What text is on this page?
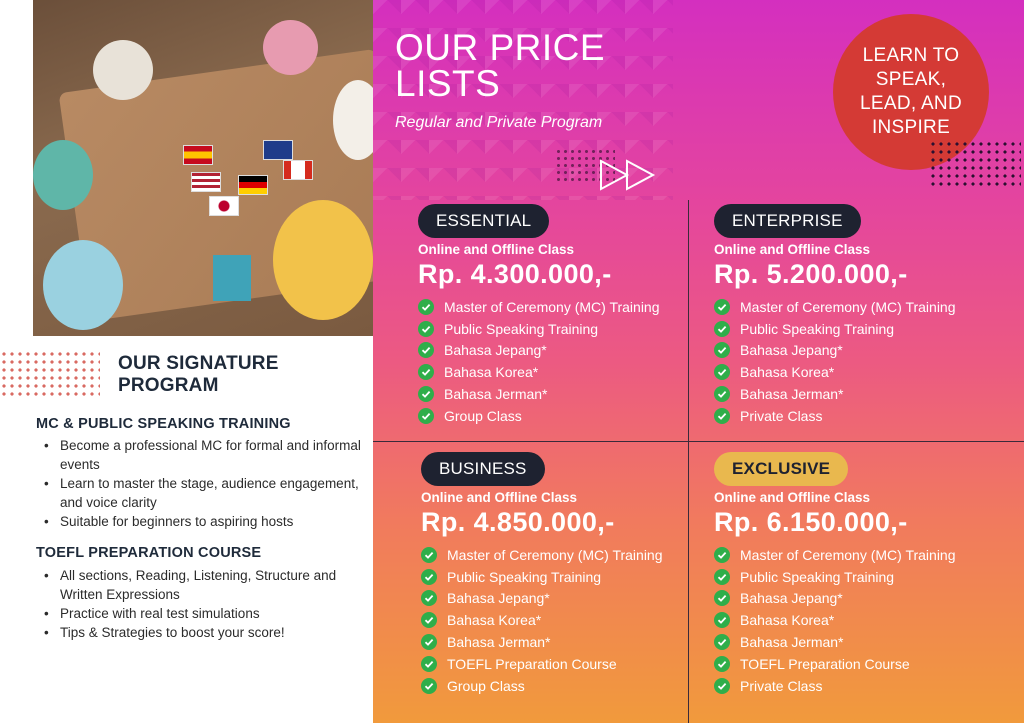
OUR SIGNATURE
PROGRAM
MC & PUBLIC SPEAKING TRAINING
• Become a professional MC for formal and informal events
• Learn to master the stage, audience engagement, and voice clarity
• Suitable for beginners to aspiring hosts
TOEFL PREPARATION COURSE
• All sections, Reading, Listening, Structure and Written Expressions
• Practice with real test simulations
• Tips & Strategies to boost your score!
OUR PRICE
LISTS
Regular and Private Program
LEARN TO
SPEAK,
LEAD, AND
INSPIRE
ESSENTIAL
Online and Offline Class
Rp. 4.300.000,-
Master of Ceremony (MC) Training
Public Speaking Training
Bahasa Jepang*
Bahasa Korea*
Bahasa Jerman*
Group Class
ENTERPRISE
Online and Offline Class
Rp. 5.200.000,-
Master of Ceremony (MC) Training
Public Speaking Training
Bahasa Jepang*
Bahasa Korea*
Bahasa Jerman*
Private Class
BUSINESS
Online and Offline Class
Rp. 4.850.000,-
Master of Ceremony (MC) Training
Public Speaking Training
Bahasa Jepang*
Bahasa Korea*
Bahasa Jerman*
TOEFL Preparation Course
Group Class
EXCLUSIVE
Online and Offline Class
Rp. 6.150.000,-
Master of Ceremony (MC) Training
Public Speaking Training
Bahasa Jepang*
Bahasa Korea*
Bahasa Jerman*
TOEFL Preparation Course
Private Class
